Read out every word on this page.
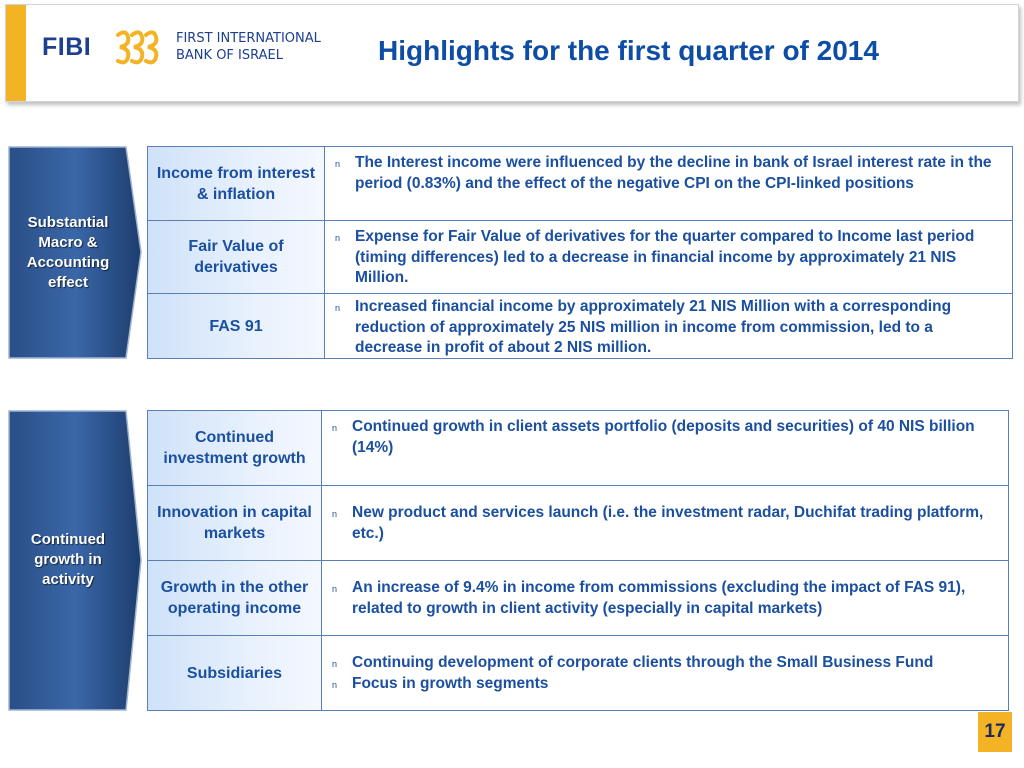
FIBI	FIRST INTERNATIONAL
BANK OF ISRAEL	Highlights for the first quarter of 2014
Substantial Macro & Accounting effect
Income from interest & inflation
n The Interest income were influenced by the decline in bank of Israel interest rate in the period (0.83%) and the effect of the negative CPI on the CPI-linked positions
Fair Value of derivatives
n Expense for Fair Value of derivatives for the quarter compared to Income last period (timing differences) led to a decrease in financial income by approximately 21 NIS Million.
FAS 91
n Increased financial income by approximately 21 NIS Million with a corresponding reduction of approximately 25 NIS million in income from commission, led to a decrease in profit of about 2 NIS million.
Continued growth in activity
Continued investment growth
n Continued growth in client assets portfolio (deposits and securities) of 40 NIS billion (14%)
Innovation in capital markets
n New product and services launch (i.e. the investment radar, Duchifat trading platform, etc.)
Growth in the other operating income
n An increase of 9.4% in income from commissions (excluding the impact of FAS 91), related to growth in client activity (especially in capital markets)
Subsidiaries
n Continuing development of corporate clients through the Small Business Fund
n Focus in growth segments
17
